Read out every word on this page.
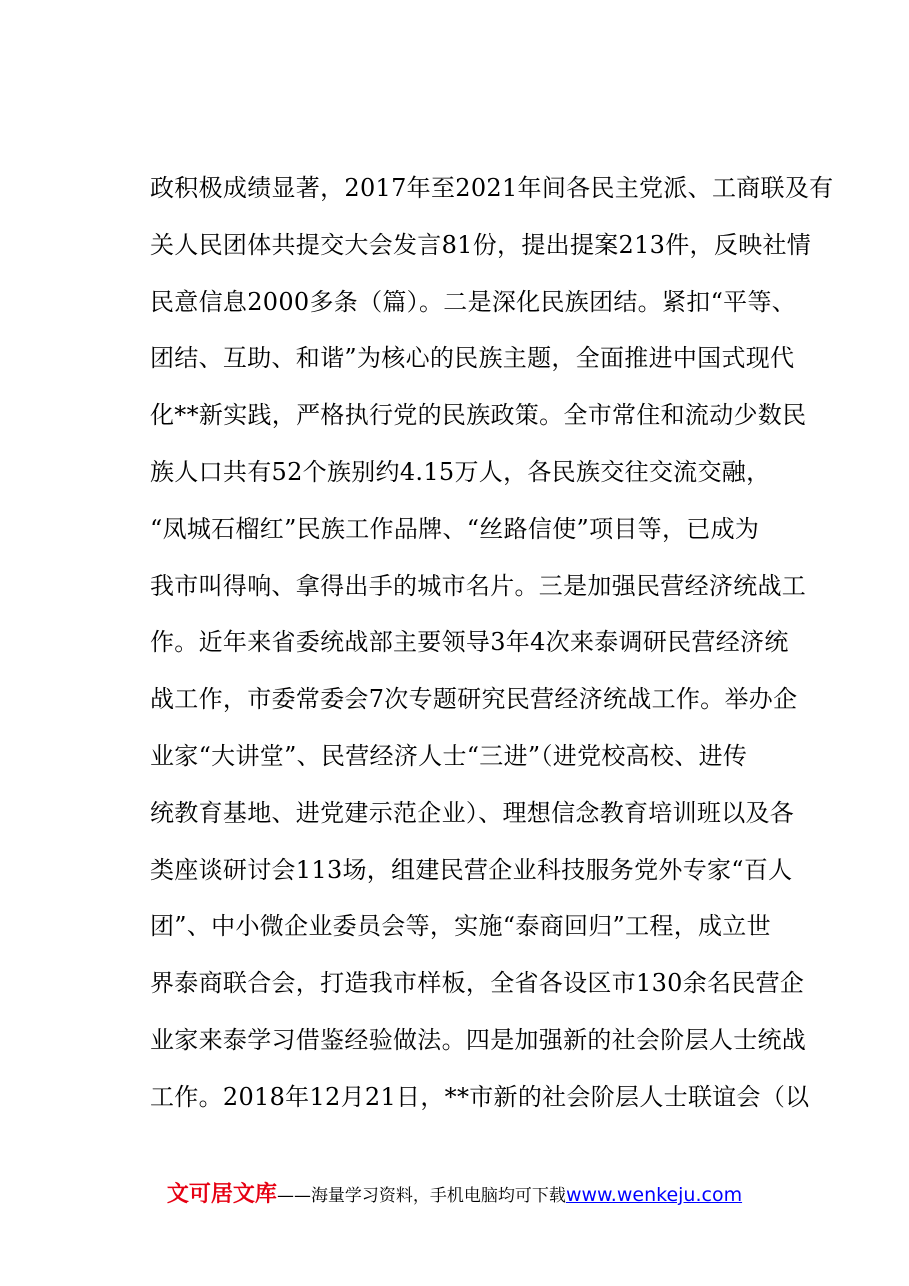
政积极成绩显著，2017年至2021年间各民主党派、工商联及有
关人民团体共提交大会发言81份，提出提案213件，反映社情
民意信息2000多条（篇）。二是深化民族团结。紧扣“平等、
团结、互助、和谐”为核心的民族主题，全面推进中国式现代
化**新实践，严格执行党的民族政策。全市常住和流动少数民
族人口共有52个族别约4.15万人，各民族交往交流交融，
“凤城石榴红”民族工作品牌、“丝路信使”项目等，已成为
我市叫得响、拿得出手的城市名片。三是加强民营经济统战工
作。近年来省委统战部主要领导3年4次来泰调研民营经济统
战工作，市委常委会7次专题研究民营经济统战工作。举办企
业家“大讲堂”、民营经济人士“三进”（进党校高校、进传
统教育基地、进党建示范企业）、理想信念教育培训班以及各
类座谈研讨会113场，组建民营企业科技服务党外专家“百人
团”、中小微企业委员会等，实施“泰商回归”工程，成立世
界泰商联合会，打造我市样板，全省各设区市130余名民营企
业家来泰学习借鉴经验做法。四是加强新的社会阶层人士统战
工作。2018年12月21日，**市新的社会阶层人士联谊会（以
文可居文库——海量学习资料，手机电脑均可下载www.wenkeju.com
